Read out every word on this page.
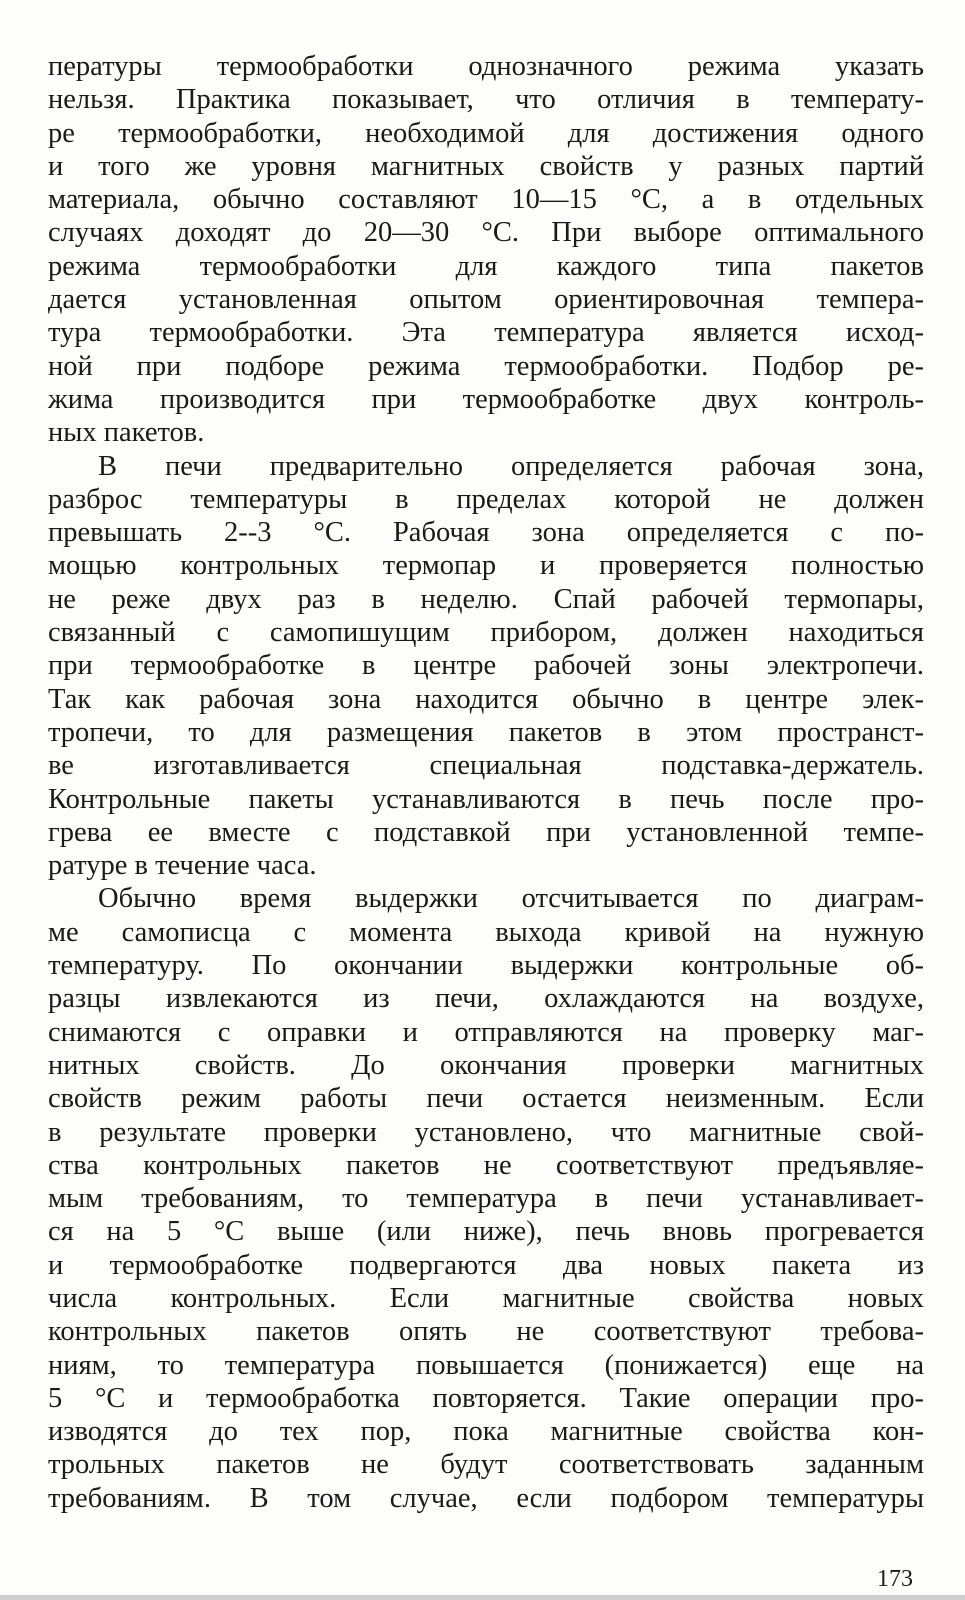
пературы термообработки однозначного режима указать
нельзя. Практика показывает, что отличия в температу-
ре термообработки, необходимой для достижения одного
и того же уровня магнитных свойств у разных партий
материала, обычно составляют 10—15 °С, а в отдельных
случаях доходят до 20—30 °С. При выборе оптимального
режима термообработки для каждого типа пакетов
дается установленная опытом ориентировочная темпера-
тура термообработки. Эта температура является исход-
ной при подборе режима термообработки. Подбор ре-
жима производится при термообработке двух контроль-
ных пакетов.
В печи предварительно определяется рабочая зона,
разброс температуры в пределах которой не должен
превышать 2--3 °С. Рабочая зона определяется с по-
мощью контрольных термопар и проверяется полностью
не реже двух раз в неделю. Спай рабочей термопары,
связанный с самопишущим прибором, должен находиться
при термообработке в центре рабочей зоны электропечи.
Так как рабочая зона находится обычно в центре элек-
тропечи, то для размещения пакетов в этом пространст-
ве изготавливается специальная подставка-держатель.
Контрольные пакеты устанавливаются в печь после про-
грева ее вместе с подставкой при установленной темпе-
ратуре в течение часа.
Обычно время выдержки отсчитывается по диаграм-
ме самописца с момента выхода кривой на нужную
температуру. По окончании выдержки контрольные об-
разцы извлекаются из печи, охлаждаются на воздухе,
снимаются с оправки и отправляются на проверку маг-
нитных свойств. До окончания проверки магнитных
свойств режим работы печи остается неизменным. Если
в результате проверки установлено, что магнитные свой-
ства контрольных пакетов не соответствуют предъявляе-
мым требованиям, то температура в печи устанавливает-
ся на 5 °С выше (или ниже), печь вновь прогревается
и термообработке подвергаются два новых пакета из
числа контрольных. Если магнитные свойства новых
контрольных пакетов опять не соответствуют требова-
ниям, то температура повышается (понижается) еще на
5 °С и термообработка повторяется. Такие операции про-
изводятся до тех пор, пока магнитные свойства кон-
трольных пакетов не будут соответствовать заданным
требованиям. В том случае, если подбором температуры
173
